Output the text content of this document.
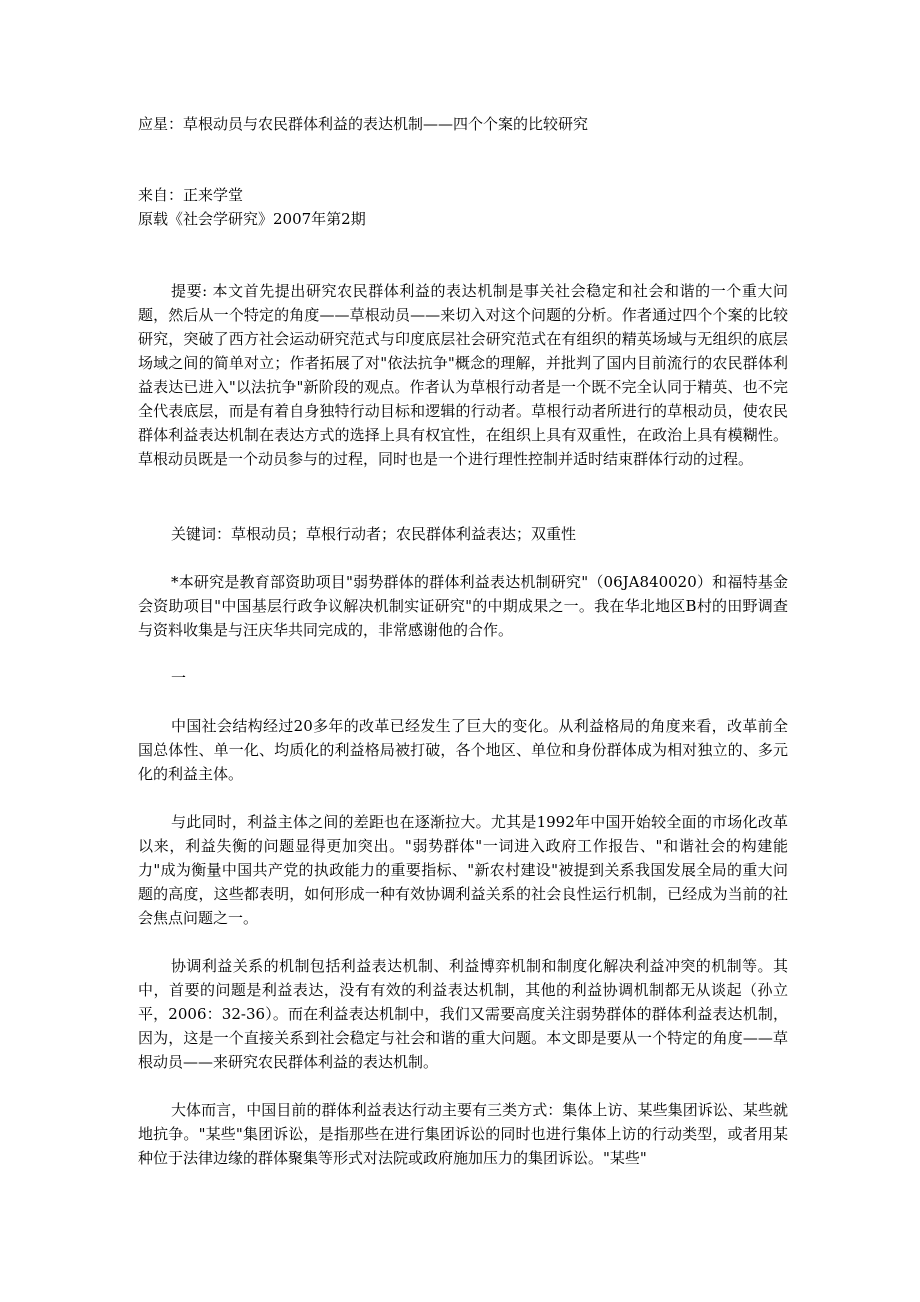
应星：草根动员与农民群体利益的表达机制——四个个案的比较研究
来自：正来学堂
原载《社会学研究》2007年第2期
提要: 本文首先提出研究农民群体利益的表达机制是事关社会稳定和社会和谐的一个重大问题，然后从一个特定的角度——草根动员——来切入对这个问题的分析。作者通过四个个案的比较研究，突破了西方社会运动研究范式与印度底层社会研究范式在有组织的精英场域与无组织的底层场域之间的简单对立；作者拓展了对"依法抗争"概念的理解，并批判了国内目前流行的农民群体利益表达已进入"以法抗争"新阶段的观点。作者认为草根行动者是一个既不完全认同于精英、也不完全代表底层，而是有着自身独特行动目标和逻辑的行动者。草根行动者所进行的草根动员，使农民群体利益表达机制在表达方式的选择上具有权宜性，在组织上具有双重性，在政治上具有模糊性。草根动员既是一个动员参与的过程，同时也是一个进行理性控制并适时结束群体行动的过程。
关键词：草根动员；草根行动者；农民群体利益表达；双重性
*本研究是教育部资助项目"弱势群体的群体利益表达机制研究"（06JA840020）和福特基金会资助项目"中国基层行政争议解决机制实证研究"的中期成果之一。我在华北地区B村的田野调查与资料收集是与汪庆华共同完成的，非常感谢他的合作。
一
中国社会结构经过20多年的改革已经发生了巨大的变化。从利益格局的角度来看，改革前全国总体性、单一化、均质化的利益格局被打破，各个地区、单位和身份群体成为相对独立的、多元化的利益主体。
与此同时，利益主体之间的差距也在逐渐拉大。尤其是1992年中国开始较全面的市场化改革以来，利益失衡的问题显得更加突出。"弱势群体"一词进入政府工作报告、"和谐社会的构建能力"成为衡量中国共产党的执政能力的重要指标、"新农村建设"被提到关系我国发展全局的重大问题的高度，这些都表明，如何形成一种有效协调利益关系的社会良性运行机制，已经成为当前的社会焦点问题之一。
协调利益关系的机制包括利益表达机制、利益博弈机制和制度化解决利益冲突的机制等。其中，首要的问题是利益表达，没有有效的利益表达机制，其他的利益协调机制都无从谈起（孙立平，2006：32-36）。而在利益表达机制中，我们又需要高度关注弱势群体的群体利益表达机制，因为，这是一个直接关系到社会稳定与社会和谐的重大问题。本文即是要从一个特定的角度——草根动员——来研究农民群体利益的表达机制。
大体而言，中国目前的群体利益表达行动主要有三类方式：集体上访、某些集团诉讼、某些就地抗争。"某些"集团诉讼，是指那些在进行集团诉讼的同时也进行集体上访的行动类型，或者用某种位于法律边缘的群体聚集等形式对法院或政府施加压力的集团诉讼。"某些"
